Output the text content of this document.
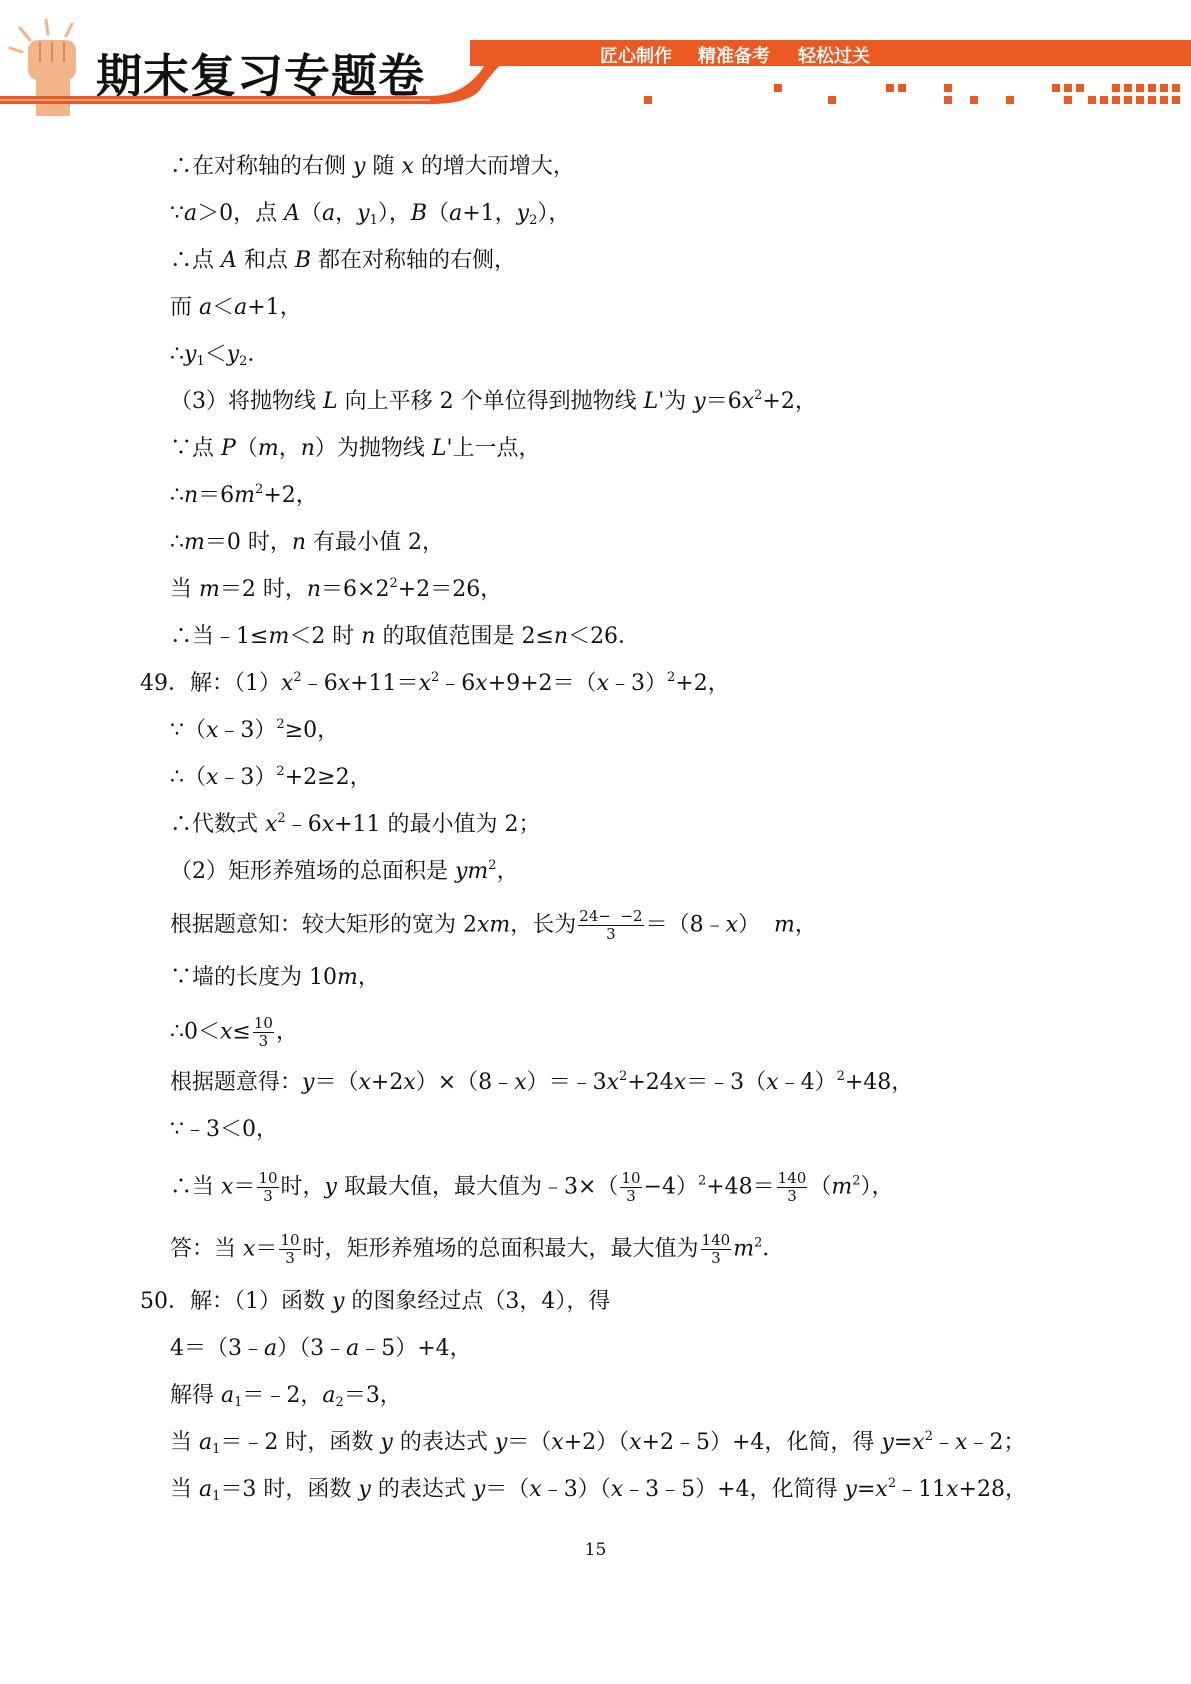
期末复习专题卷	匠心制作 精准备考 轻松过关
∴在对称轴的右侧 y 随 x 的增大而增大，
∵a＞0，点 A（a，$y_1$），B（a+1，$y_2$），
∴点 A 和点 B 都在对称轴的右侧，
而 a＜a+1，
$\therefore y_1<y_2$．
（3）将抛物线 L 向上平移 2 个单位得到抛物线 L'为 $y=6x^2+2$，
∵点 P（m，n）为抛物线 L'上一点，
$\therefore n=6m^2+2$，
∴m＝0 时，n 有最小值 2，
当 m＝2 时，$n=6\times 2^2+2=26$，
∴当﹣1≤m＜2 时 n 的取值范围是 2≤n＜26．
49．解：$(1)x^2﹣6x+11=x^2﹣6x+9+2=(x﹣3)^2+2$，
∵（x﹣3）$^2$≥0，
∴（x﹣3）$^2$+2≥2，
∴代数式 $x^2﹣6x+11$ 的最小值为 2；
（2）矩形养殖场的总面积是 $ym^2$，
根据题意知：较大矩形的宽为 2xm，长为 $\frac{24- -2}{3}$ ＝（8﹣x）  m，
∵墙的长度为 10m，
∴0＜x≤ $\frac{10}{3}$ ，
根据题意得：$y=(x+2x)\times(8﹣x)=﹣3x^2+24x=﹣3(x﹣4)^2+48$，
∵﹣3＜0，
∴当 $x= \frac{10}{3}$ 时，y 取最大值，最大值为﹣3×（ $\frac{10}{3} -4)^2+48= \frac{140}{3} (m^2)$，
答：当 $x= \frac{10}{3}$ 时，矩形养殖场的总面积最大，最大值为 $\frac{140}{3} m^2$．
50．解：（1）函数 y 的图象经过点（3，4），得
4＝（3﹣a）（3﹣a﹣5）+4，
解得 $a_1=﹣2$，$a_2=3$，
当 $a_1=﹣2$ 时，函数 y 的表达式 y＝（x+2）（x+2﹣5）+4，化简，得 $y=x^2﹣x﹣2$；
当 $a_1=3$ 时，函数 y 的表达式 y＝（x﹣3）（x﹣3﹣5）+4，化简得 $y=x^2﹣11x+28$，
15
